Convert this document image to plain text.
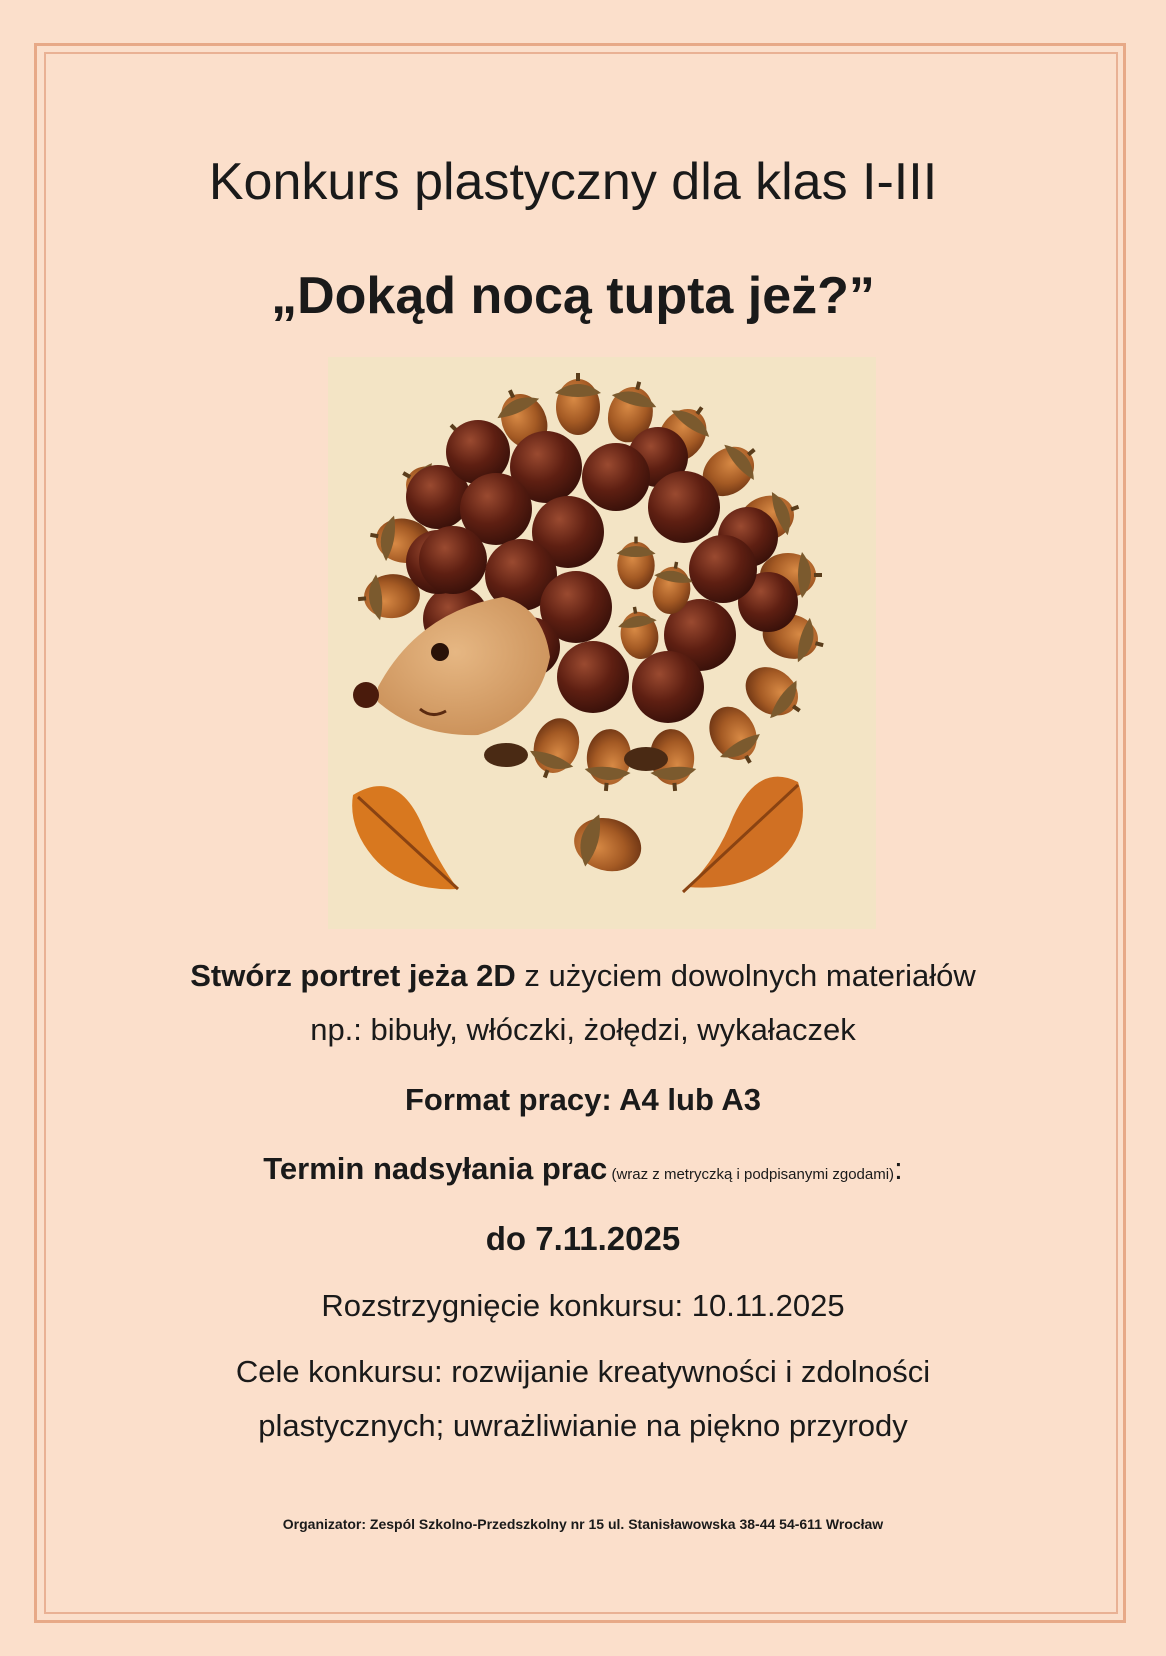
Konkurs plastyczny dla klas I-III
„Dokąd nocą tupta jeż?”
Stwórz portret jeża 2D z użyciem dowolnych materiałów
np.: bibuły, włóczki, żołędzi, wykałaczek
Format pracy: A4 lub A3
Termin nadsyłania prac (wraz z metryczką i podpisanymi zgodami):
do 7.11.2025
Rozstrzygnięcie konkursu: 10.11.2025
Cele konkursu: rozwijanie kreatywności i zdolności
plastycznych; uwrażliwianie na piękno przyrody
Organizator: Zespól Szkolno-Przedszkolny nr 15 ul. Stanisławowska 38-44 54-611 Wrocław
